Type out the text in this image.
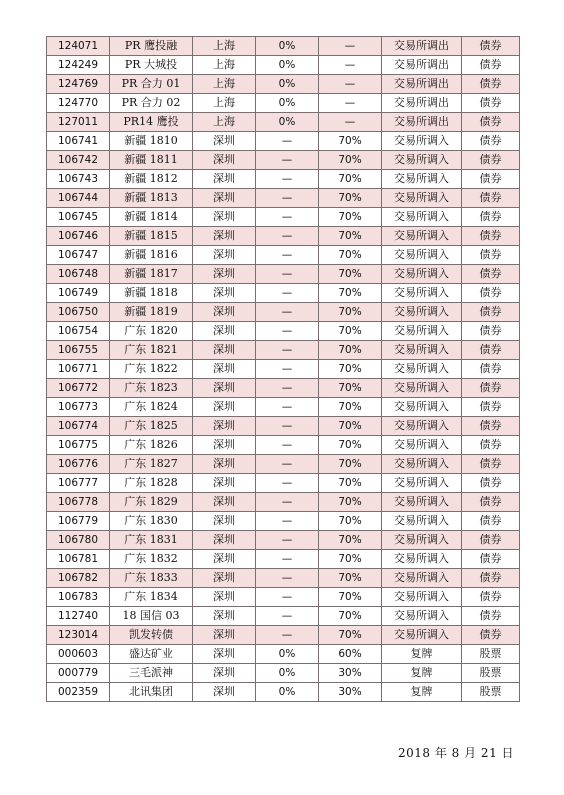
124071	PR 鹰投融	上海	0%	—	交易所调出	债券
124249	PR 大城投	上海	0%	—	交易所调出	债券
124769	PR 合力 01	上海	0%	—	交易所调出	债券
124770	PR 合力 02	上海	0%	—	交易所调出	债券
127011	PR14 鹰投	上海	0%	—	交易所调出	债券
106741	新疆 1810	深圳	—	70%	交易所调入	债券
106742	新疆 1811	深圳	—	70%	交易所调入	债券
106743	新疆 1812	深圳	—	70%	交易所调入	债券
106744	新疆 1813	深圳	—	70%	交易所调入	债券
106745	新疆 1814	深圳	—	70%	交易所调入	债券
106746	新疆 1815	深圳	—	70%	交易所调入	债券
106747	新疆 1816	深圳	—	70%	交易所调入	债券
106748	新疆 1817	深圳	—	70%	交易所调入	债券
106749	新疆 1818	深圳	—	70%	交易所调入	债券
106750	新疆 1819	深圳	—	70%	交易所调入	债券
106754	广东 1820	深圳	—	70%	交易所调入	债券
106755	广东 1821	深圳	—	70%	交易所调入	债券
106771	广东 1822	深圳	—	70%	交易所调入	债券
106772	广东 1823	深圳	—	70%	交易所调入	债券
106773	广东 1824	深圳	—	70%	交易所调入	债券
106774	广东 1825	深圳	—	70%	交易所调入	债券
106775	广东 1826	深圳	—	70%	交易所调入	债券
106776	广东 1827	深圳	—	70%	交易所调入	债券
106777	广东 1828	深圳	—	70%	交易所调入	债券
106778	广东 1829	深圳	—	70%	交易所调入	债券
106779	广东 1830	深圳	—	70%	交易所调入	债券
106780	广东 1831	深圳	—	70%	交易所调入	债券
106781	广东 1832	深圳	—	70%	交易所调入	债券
106782	广东 1833	深圳	—	70%	交易所调入	债券
106783	广东 1834	深圳	—	70%	交易所调入	债券
112740	18 国信 03	深圳	—	70%	交易所调入	债券
123014	凯发转债	深圳	—	70%	交易所调入	债券
000603	盛达矿业	深圳	0%	60%	复牌	股票
000779	三毛派神	深圳	0%	30%	复牌	股票
002359	北讯集团	深圳	0%	30%	复牌	股票
2018 年 8 月 21 日
